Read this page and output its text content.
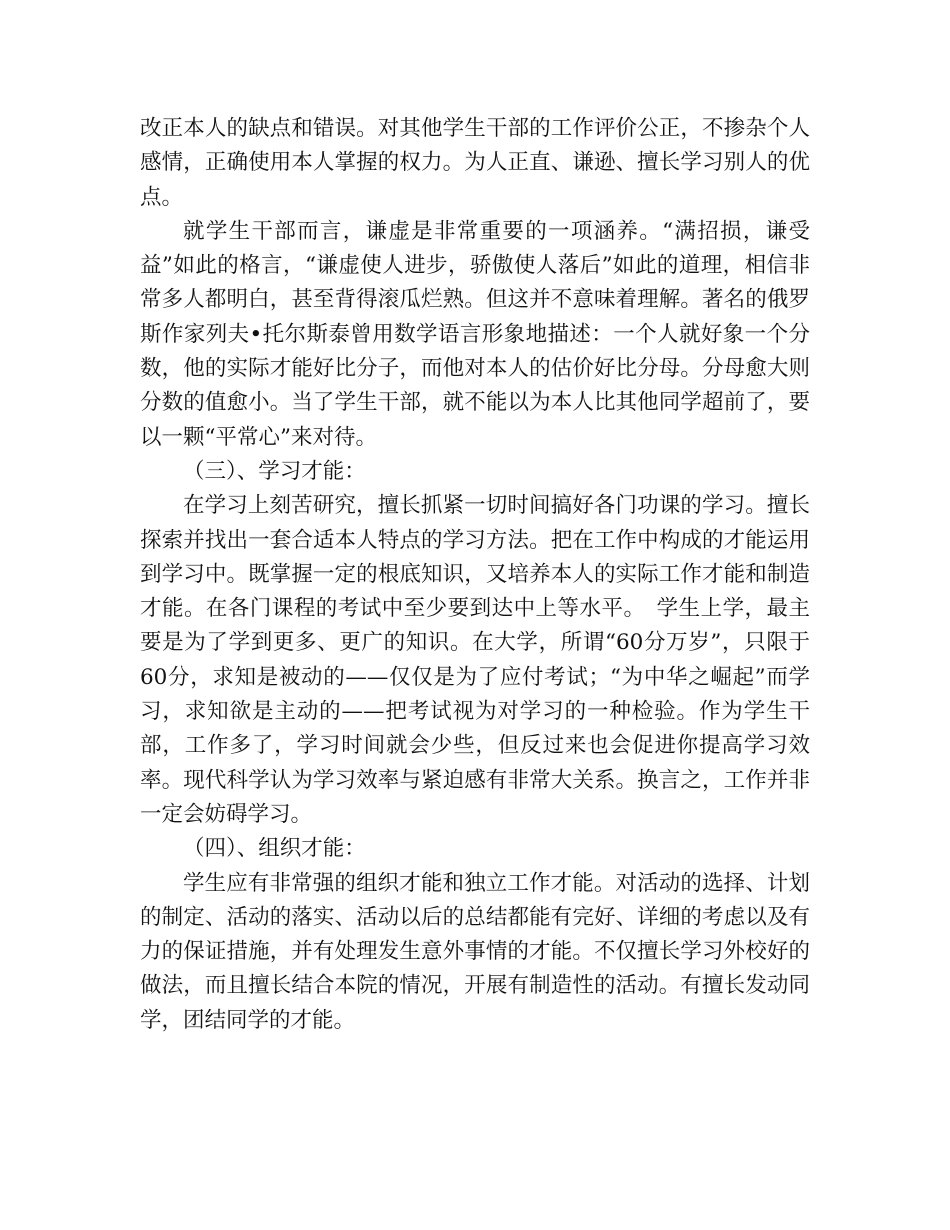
改正本人的缺点和错误。对其他学生干部的工作评价公正，不掺杂个人感情，正确使用本人掌握的权力。为人正直、谦逊、擅长学习别人的优点。

就学生干部而言，谦虚是非常重要的一项涵养。“满招损，谦受益”如此的格言，“谦虚使人进步，骄傲使人落后”如此的道理，相信非常多人都明白，甚至背得滚瓜烂熟。但这并不意味着理解。著名的俄罗斯作家列夫•托尔斯泰曾用数学语言形象地描述：一个人就好象一个分数，他的实际才能好比分子，而他对本人的估价好比分母。分母愈大则分数的值愈小。当了学生干部，就不能以为本人比其他同学超前了，要以一颗“平常心”来对待。

（三）、学习才能：

在学习上刻苦研究，擅长抓紧一切时间搞好各门功课的学习。擅长探索并找出一套合适本人特点的学习方法。把在工作中构成的才能运用到学习中。既掌握一定的根底知识，又培养本人的实际工作才能和制造才能。在各门课程的考试中至少要到达中上等水平。　学生上学，最主要是为了学到更多、更广的知识。在大学，所谓“60分万岁”，只限于60分，求知是被动的——仅仅是为了应付考试；“为中华之崛起”而学习，求知欲是主动的——把考试视为对学习的一种检验。作为学生干部，工作多了，学习时间就会少些，但反过来也会促进你提高学习效率。现代科学认为学习效率与紧迫感有非常大关系。换言之，工作并非一定会妨碍学习。

（四）、组织才能：

学生应有非常强的组织才能和独立工作才能。对活动的选择、计划的制定、活动的落实、活动以后的总结都能有完好、详细的考虑以及有力的保证措施，并有处理发生意外事情的才能。不仅擅长学习外校好的做法，而且擅长结合本院的情况，开展有制造性的活动。有擅长发动同学，团结同学的才能。
